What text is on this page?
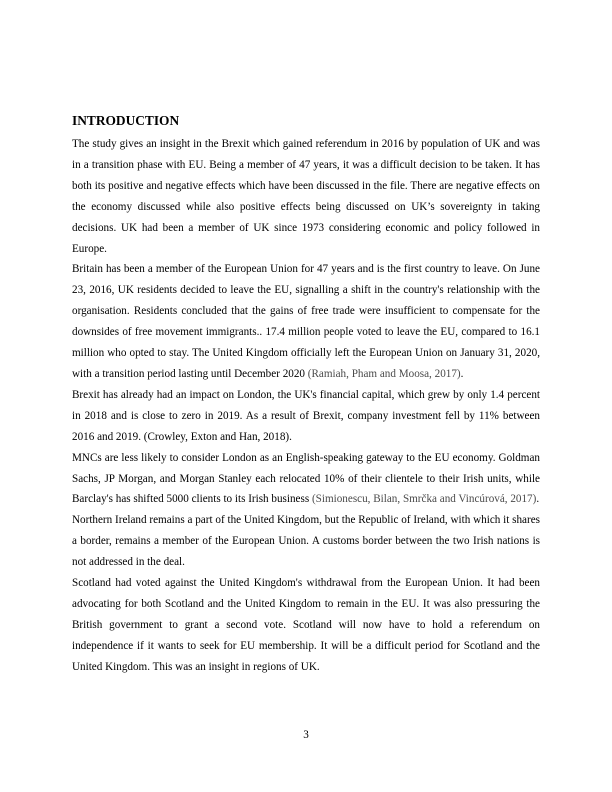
INTRODUCTION

The study gives an insight in the Brexit which gained referendum in 2016 by population of UK and was in a transition phase with EU. Being a member of 47 years, it was a difficult decision to be taken. It has both its positive and negative effects which have been discussed in the file. There are negative effects on the economy discussed while also positive effects being discussed on UK’s sovereignty in taking decisions. UK had been a member of UK since 1973 considering economic and policy followed in Europe.

Britain has been a member of the European Union for 47 years and is the first country to leave. On June 23, 2016, UK residents decided to leave the EU, signalling a shift in the country's relationship with the organisation. Residents concluded that the gains of free trade were insufficient to compensate for the downsides of free movement immigrants.. 17.4 million people voted to leave the EU, compared to 16.1 million who opted to stay. The United Kingdom officially left the European Union on January 31, 2020, with a transition period lasting until December 2020 (Ramiah, Pham and Moosa, 2017).

Brexit has already had an impact on London, the UK's financial capital, which grew by only 1.4 percent in 2018 and is close to zero in 2019. As a result of Brexit, company investment fell by 11% between 2016 and 2019. (Crowley, Exton and Han, 2018).

MNCs are less likely to consider London as an English-speaking gateway to the EU economy. Goldman Sachs, JP Morgan, and Morgan Stanley each relocated 10% of their clientele to their Irish units, while Barclay's has shifted 5000 clients to its Irish business (Simionescu, Bilan, Smrčka and Vincúrová, 2017).

Northern Ireland remains a part of the United Kingdom, but the Republic of Ireland, with which it shares a border, remains a member of the European Union. A customs border between the two Irish nations is not addressed in the deal.

Scotland had voted against the United Kingdom's withdrawal from the European Union. It had been advocating for both Scotland and the United Kingdom to remain in the EU. It was also pressuring the British government to grant a second vote. Scotland will now have to hold a referendum on independence if it wants to seek for EU membership. It will be a difficult period for Scotland and the United Kingdom. This was an insight in regions of UK.

3
